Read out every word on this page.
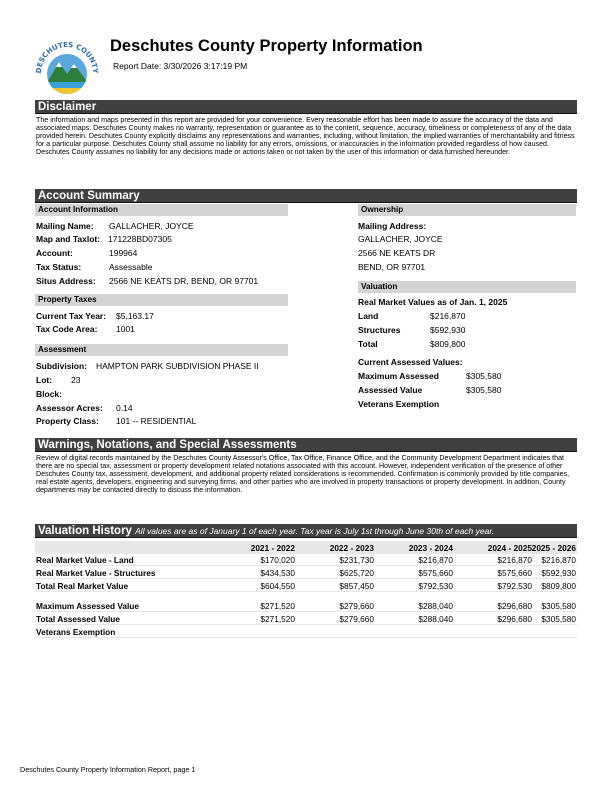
DESCHUTES COUNTY
Deschutes County Property Information
Report Date: 3/30/2026 3:17:19 PM
Disclaimer
The information and maps presented in this report are provided for your convenience. Every reasonable effort has been made to assure the accuracy of the data and associated maps. Deschutes County makes no warranty, representation or guarantee as to the content, sequence, accuracy, timeliness or completeness of any of the data provided herein. Deschutes County explicitly disclaims any representations and warranties, including, without limitation, the implied warranties of merchantability and fitness for a particular purpose. Deschutes County shall assume no liability for any errors, omissions, or inaccuracies in the information provided regardless of how caused. Deschutes County assumes no liability for any decisions made or actions taken or not taken by the user of this information or data furnished hereunder.
Account Summary
Account Information
Mailing Name: GALLACHER, JOYCE
Map and Taxlot: 171228BD07305
Account:	199964
Tax Status:	Assessable
Situs Address: 2566 NE KEATS DR, BEND, OR 97701
Property Taxes
Current Tax Year: $5,163.17
Tax Code Area: 1001
Assessment
Subdivision: HAMPTON PARK SUBDIVISION PHASE II
Lot: 23
Block:
Assessor Acres: 0.14
Property Class: 101 -- RESIDENTIAL
Ownership
Mailing Address:
GALLACHER, JOYCE
2566 NE KEATS DR
BEND, OR 97701
Valuation
Real Market Values as of Jan. 1, 2025
Land	$216,870
Structures	$592,930
Total	$809,800
Current Assessed Values:
Maximum Assessed	$305,580
Assessed Value	$305,580
Veterans Exemption
Warnings, Notations, and Special Assessments
Review of digital records maintained by the Deschutes County Assessor's Office, Tax Office, Finance Office, and the Community Development Department indicates that there are no special tax, assessment or property development related notations associated with this account. However, independent verification of the presence of other Deschutes County tax, assessment, development, and additional property related considerations is recommended. Confirmation is commonly provided by title companies, real estate agents, developers, engineering and surveying firms, and other parties who are involved in property transactions or property development. In addition, County departments may be contacted directly to discuss the information.
Valuation History All values are as of January 1 of each year. Tax year is July 1st through June 30th of each year.
2021 - 2022	2022 - 2023	2023 - 2024	2024 - 2025 2025 - 2026
Real Market Value - Land	$170,020	$231,730	$216,870	$216,870	$216,870
Real Market Value - Structures	$434,530	$625,720	$575,660	$575,660	$592,930
Total Real Market Value	$604,550	$857,450	$792,530	$792,530	$809,800
Maximum Assessed Value	$271,520	$279,660	$288,040	$296,680	$305,580
Total Assessed Value	$271,520	$279,660	$288,040	$296,680	$305,580
Veterans Exemption
Deschutes County Property Information Report, page 1
